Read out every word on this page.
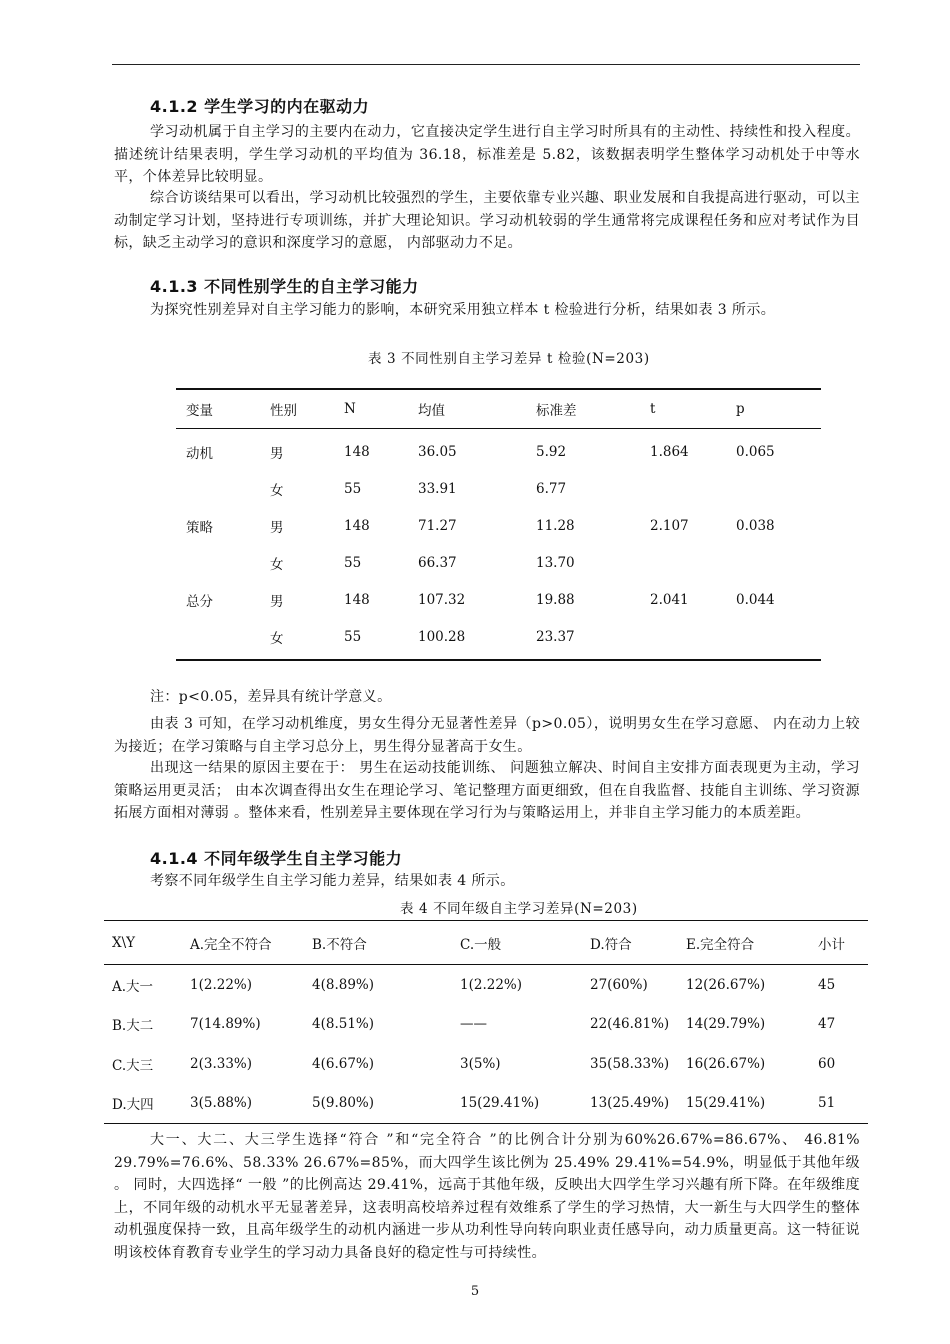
4.1.2 学生学习的内在驱动力

学习动机属于自主学习的主要内在动力，它直接决定学生进行自主学习时所具有的主动性、持续性和投入程度。描述统计结果表明，学生学习动机的平均值为 36.18，标准差是 5.82，该数据表明学生整体学习动机处于中等水平，个体差异比较明显。

综合访谈结果可以看出，学习动机比较强烈的学生，主要依靠专业兴趣、职业发展和自我提高进行驱动，可以主动制定学习计划，坚持进行专项训练，并扩大理论知识。学习动机较弱的学生通常将完成课程任务和应对考试作为目标，缺乏主动学习的意识和深度学习的意愿， 内部驱动力不足。

4.1.3 不同性别学生的自主学习能力

为探究性别差异对自主学习能力的影响，本研究采用独立样本 t 检验进行分析，结果如表 3 所示。

表 3 不同性别自主学习差异 t 检验(N=203)
变量	性别	N	均值	标准差	t	p
动机	男	148	36.05	5.92	1.864	0.065
	女	55	33.91	6.77		
策略	男	148	71.27	11.28	2.107	0.038
	女	55	66.37	13.70		
总分	男	148	107.32	19.88	2.041	0.044
	女	55	100.28	23.37		
注：p<0.05，差异具有统计学意义。

由表 3 可知，在学习动机维度，男女生得分无显著性差异（p>0.05），说明男女生在学习意愿、 内在动力上较为接近；在学习策略与自主学习总分上，男生得分显著高于女生。

出现这一结果的原因主要在于： 男生在运动技能训练、 问题独立解决、时间自主安排方面表现更为主动，学习策略运用更灵活； 由本次调查得出女生在理论学习、笔记整理方面更细致，但在自我监督、技能自主训练、学习资源拓展方面相对薄弱 。整体来看，性别差异主要体现在学习行为与策略运用上，并非自主学习能力的本质差距。

4.1.4 不同年级学生自主学习能力

考察不同年级学生自主学习能力差异，结果如表 4 所示。

表 4 不同年级自主学习差异(N=203)
X\Y	A.完全不符合	B.不符合	C.一般	D.符合	E.完全符合	小计
A.大一	1(2.22%)	4(8.89%)	1(2.22%)	27(60%)	12(26.67%)	45
B.大二	7(14.89%)	4(8.51%)	——	22(46.81%)	14(29.79%)	47
C.大三	2(3.33%)	4(6.67%)	3(5%)	35(58.33%)	16(26.67%)	60
D.大四	3(5.88%)	5(9.80%)	15(29.41%)	13(25.49%)	15(29.41%)	51

大一、大二、大三学生选择“符合 ”和“完全符合 ”的比例合计分别为60%26.67%=86.67%、 46.81% 29.79%=76.6%、58.33% 26.67%=85%，而大四学生该比例为 25.49% 29.41%=54.9%，明显低于其他年级 。 同时，大四选择“ 一般 ”的比例高达 29.41%，远高于其他年级，反映出大四学生学习兴趣有所下降。在年级维度上，不同年级的动机水平无显著差异，这表明高校培养过程有效维系了学生的学习热情，大一新生与大四学生的整体动机强度保持一致，且高年级学生的动机内涵进一步从功利性导向转向职业责任感导向，动力质量更高。这一特征说明该校体育教育专业学生的学习动力具备良好的稳定性与可持续性。

5
